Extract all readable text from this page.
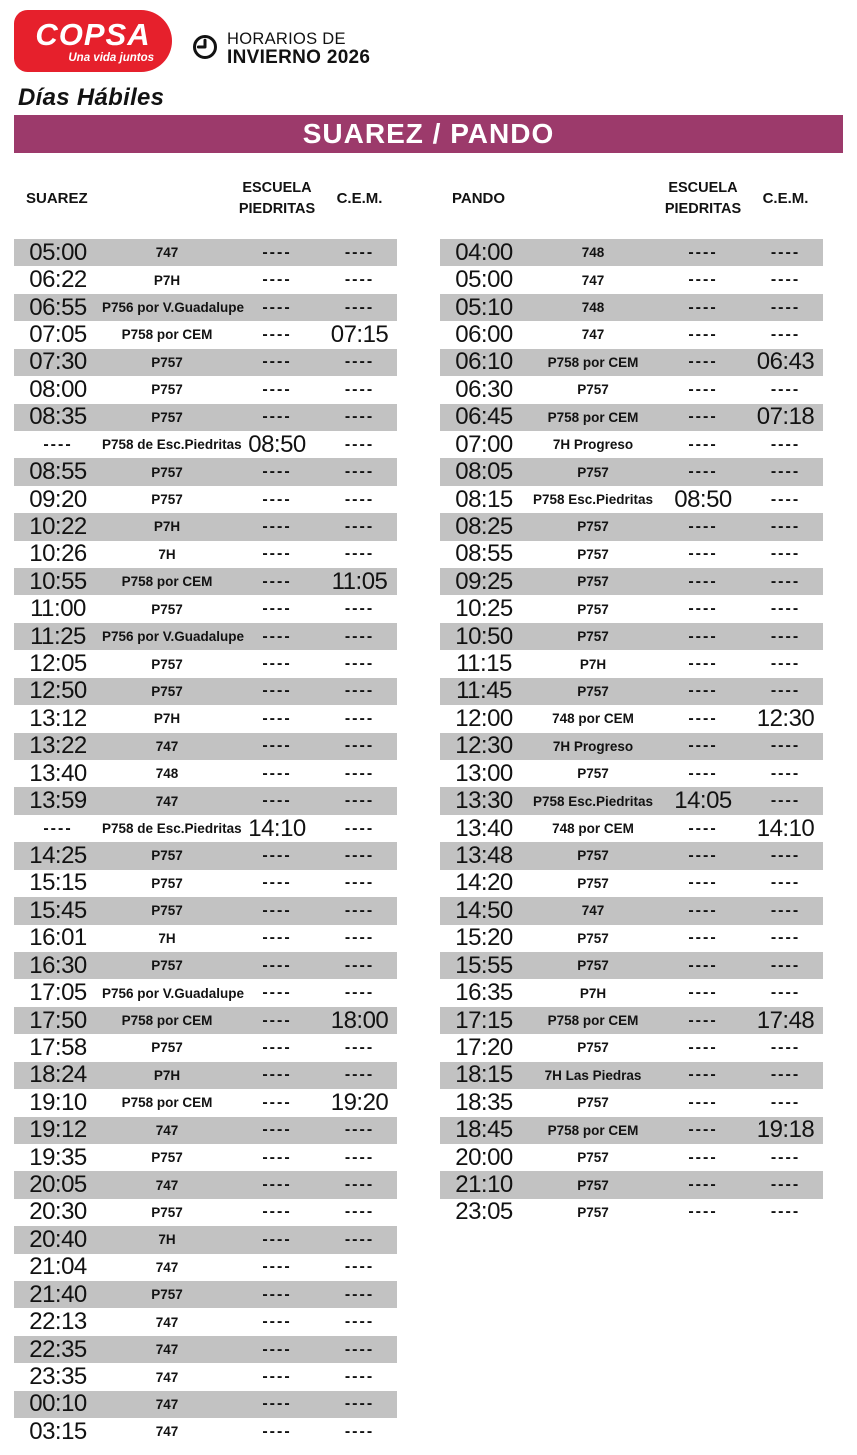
COPSA
Una vida juntos
HORARIOS DE
INVIERNO 2026
Días Hábiles
SUAREZ / PANDO
SUAREZ
ESCUELA
PIEDRITAS
C.E.M.	PANDO
ESCUELA
PIEDRITAS
C.E.M.
05:00	747	----	----
06:22	P7H	----	----
06:55	P756 por V.Guadalupe	----	----
07:05	P758 por CEM	----	07:15
07:30	P757	----	----
08:00	P757	----	----
08:35	P757	----	----
----	P758 de Esc.Piedritas 08:50	----
08:55	P757	----	----
09:20	P757	----	----
10:22	P7H	----	----
10:26	7H	----	----
10:55	P758 por CEM	----	11:05
11:00	P757	----	----
11:25	P756 por V.Guadalupe	----	----
12:05	P757	----	----
12:50	P757	----	----
13:12	P7H	----	----
13:22	747	----	----
13:40	748	----	----
13:59	747	----	----
----	P758 de Esc.Piedritas 14:10	----
14:25	P757	----	----
15:15	P757	----	----
15:45	P757	----	----
16:01	7H	----	----
16:30	P757	----	----
17:05	P756 por V.Guadalupe	----	----
17:50	P758 por CEM	----	18:00
17:58	P757	----	----
18:24	P7H	----	----
19:10	P758 por CEM	----	19:20
19:12	747	----	----
19:35	P757	----	----
20:05	747	----	----
20:30	P757	----	----
20:40	7H	----	----
21:04	747	----	----
21:40	P757	----	----
22:13	747	----	----
22:35	747	----	----
23:35	747	----	----
00:10	747	----	----
03:15	747	----	----
04:00	748	----	----
05:00	747	----	----
05:10	748	----	----
06:00	747	----	----
06:10	P758 por CEM	----	06:43
06:30	P757	----	----
06:45	P758 por CEM	----	07:18
07:00	7H Progreso	----	----
08:05	P757	----	----
08:15	P758 Esc.Piedritas 08:50	----
08:25	P757	----	----
08:55	P757	----	----
09:25	P757	----	----
10:25	P757	----	----
10:50	P757	----	----
11:15	P7H	----	----
11:45	P757	----	----
12:00	748 por CEM	----	12:30
12:30	7H Progreso	----	----
13:00	P757	----	----
13:30	P758 Esc.Piedritas 14:05	----
13:40	748 por CEM	----	14:10
13:48	P757	----	----
14:20	P757	----	----
14:50	747	----	----
15:20	P757	----	----
15:55	P757	----	----
16:35	P7H	----	----
17:15	P758 por CEM	----	17:48
17:20	P757	----	----
18:15	7H Las Piedras	----	----
18:35	P757	----	----
18:45	P758 por CEM	----	19:18
20:00	P757	----	----
21:10	P757	----	----
23:05	P757	----	----
